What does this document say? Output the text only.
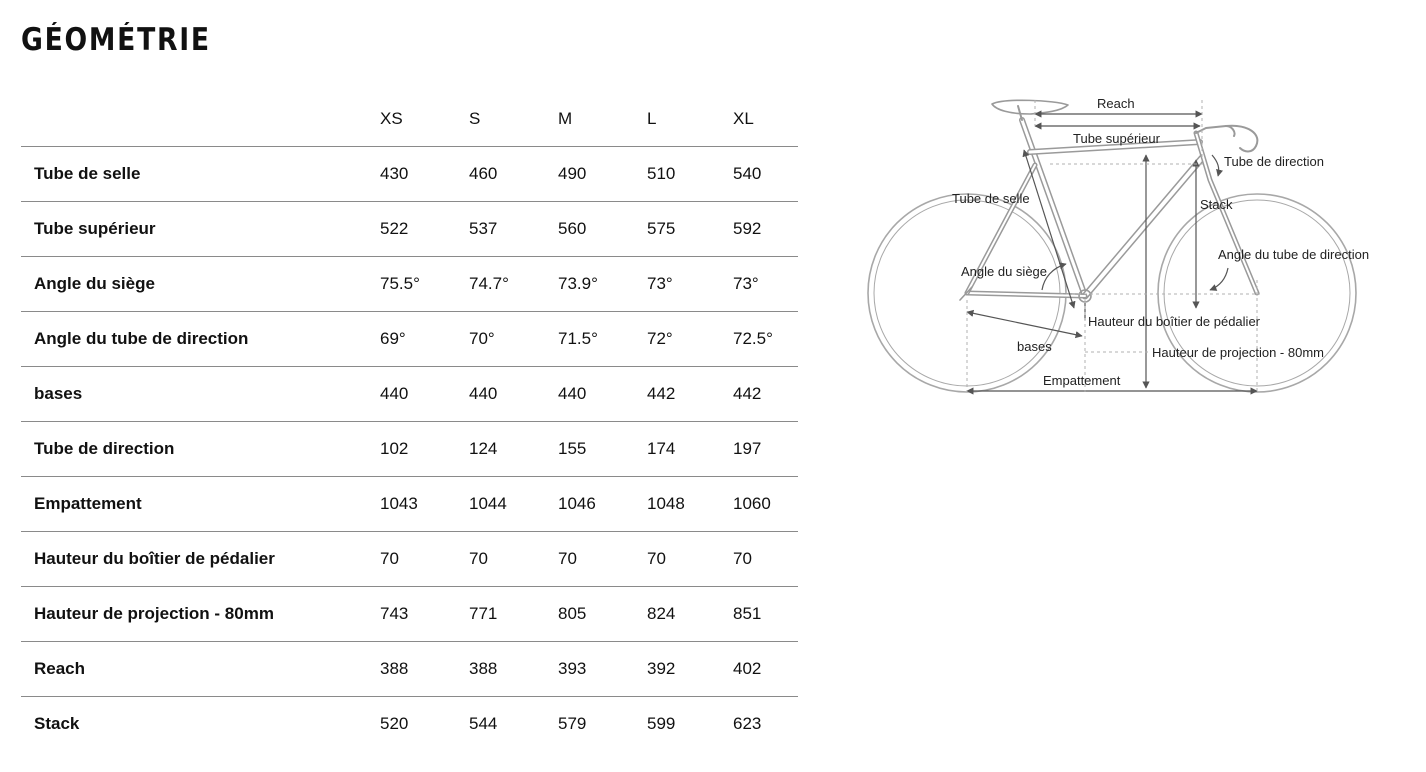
GÉOMÉTRIE
	XS	S	M	L	XL
Tube de selle	430	460	490	510	540
Tube supérieur	522	537	560	575	592
Angle du siège	75.5°	74.7°	73.9°	73°	73°
Angle du tube de direction	69°	70°	71.5°	72°	72.5°
bases	440	440	440	442	442
Tube de direction	102	124	155	174	197
Empattement	1043	1044	1046	1048	1060
Hauteur du boîtier de pédalier	70	70	70	70	70
Hauteur de projection - 80mm	743	771	805	824	851
Reach	388	388	393	392	402
Stack	520	544	579	599	623
Reach
Tube supérieur
Tube de direction
Tube de selle	Stack
Angle du tube de direction
Angle du siège
Hauteur du boîtier de pédalier
bases	Hauteur de projection - 80mm
Empattement
